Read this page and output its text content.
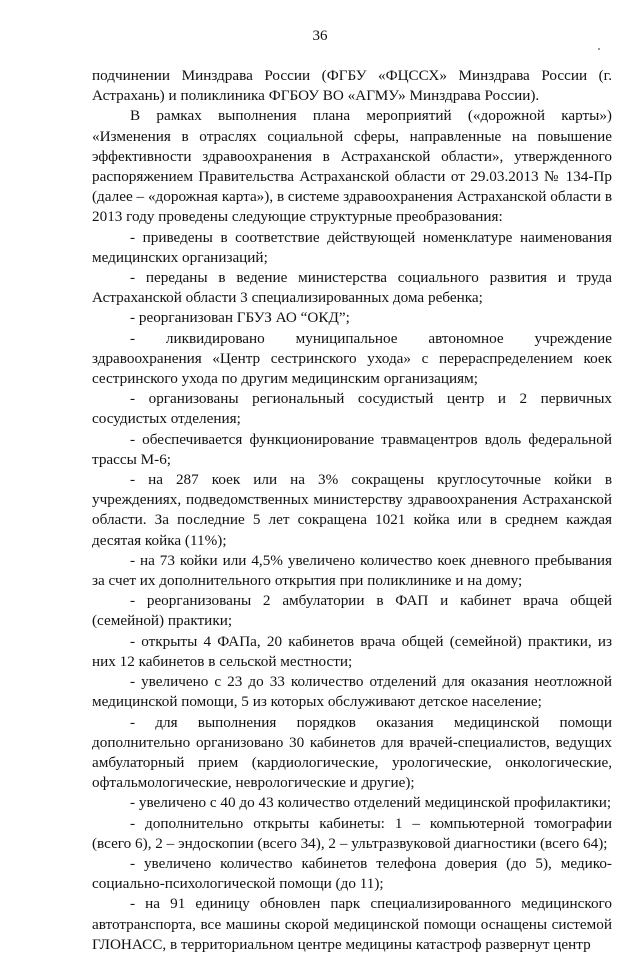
36

подчинении Минздрава России (ФГБУ «ФЦССХ» Минздрава России (г. Астрахань) и поликлиника ФГБОУ ВО «АГМУ» Минздрава России).

В рамках выполнения плана мероприятий («дорожной карты») «Изменения в отраслях социальной сферы, направленные на повышение эффективности здравоохранения в Астраханской области», утвержденного распоряжением Правительства Астраханской области от 29.03.2013 № 134-Пр (далее – «дорожная карта»), в системе здравоохранения Астраханской области в 2013 году проведены следующие структурные преобразования:

- приведены в соответствие действующей номенклатуре наименования медицинских организаций;

- переданы в ведение министерства социального развития и труда Астраханской области 3 специализированных дома ребенка;

- реорганизован ГБУЗ АО “ОКД”;

- ликвидировано муниципальное автономное учреждение здравоохранения «Центр сестринского ухода» с перераспределением коек сестринского ухода по другим медицинским организациям;

- организованы региональный сосудистый центр и 2 первичных сосудистых отделения;

- обеспечивается функционирование травмацентров вдоль федеральной трассы М-6;

- на 287 коек или на 3% сокращены круглосуточные койки в учреждениях, подведомственных министерству здравоохранения Астраханской области. За последние 5 лет сокращена 1021 койка или в среднем каждая десятая койка (11%);

- на 73 койки или 4,5% увеличено количество коек дневного пребывания за счет их дополнительного открытия при поликлинике и на дому;

- реорганизованы 2 амбулатории в ФАП и кабинет врача общей (семейной) практики;

- открыты 4 ФАПа, 20 кабинетов врача общей (семейной) практики, из них 12 кабинетов в сельской местности;

- увеличено с 23 до 33 количество отделений для оказания неотложной медицинской помощи, 5 из которых обслуживают детское население;

- для выполнения порядков оказания медицинской помощи дополнительно организовано 30 кабинетов для врачей-специалистов, ведущих амбулаторный прием (кардиологические, урологические, онкологические, офтальмологические, неврологические и другие);

- увеличено с 40 до 43 количество отделений медицинской профилактики;

- дополнительно открыты кабинеты: 1 – компьютерной томографии (всего 6), 2 – эндоскопии (всего 34), 2 – ультразвуковой диагностики (всего 64);

- увеличено количество кабинетов телефона доверия (до 5), медико-социально-психологической помощи (до 11);

- на 91 единицу обновлен парк специализированного медицинского автотранспорта, все машины скорой медицинской помощи оснащены системой ГЛОНАСС, в территориальном центре медицины катастроф развернут центр
